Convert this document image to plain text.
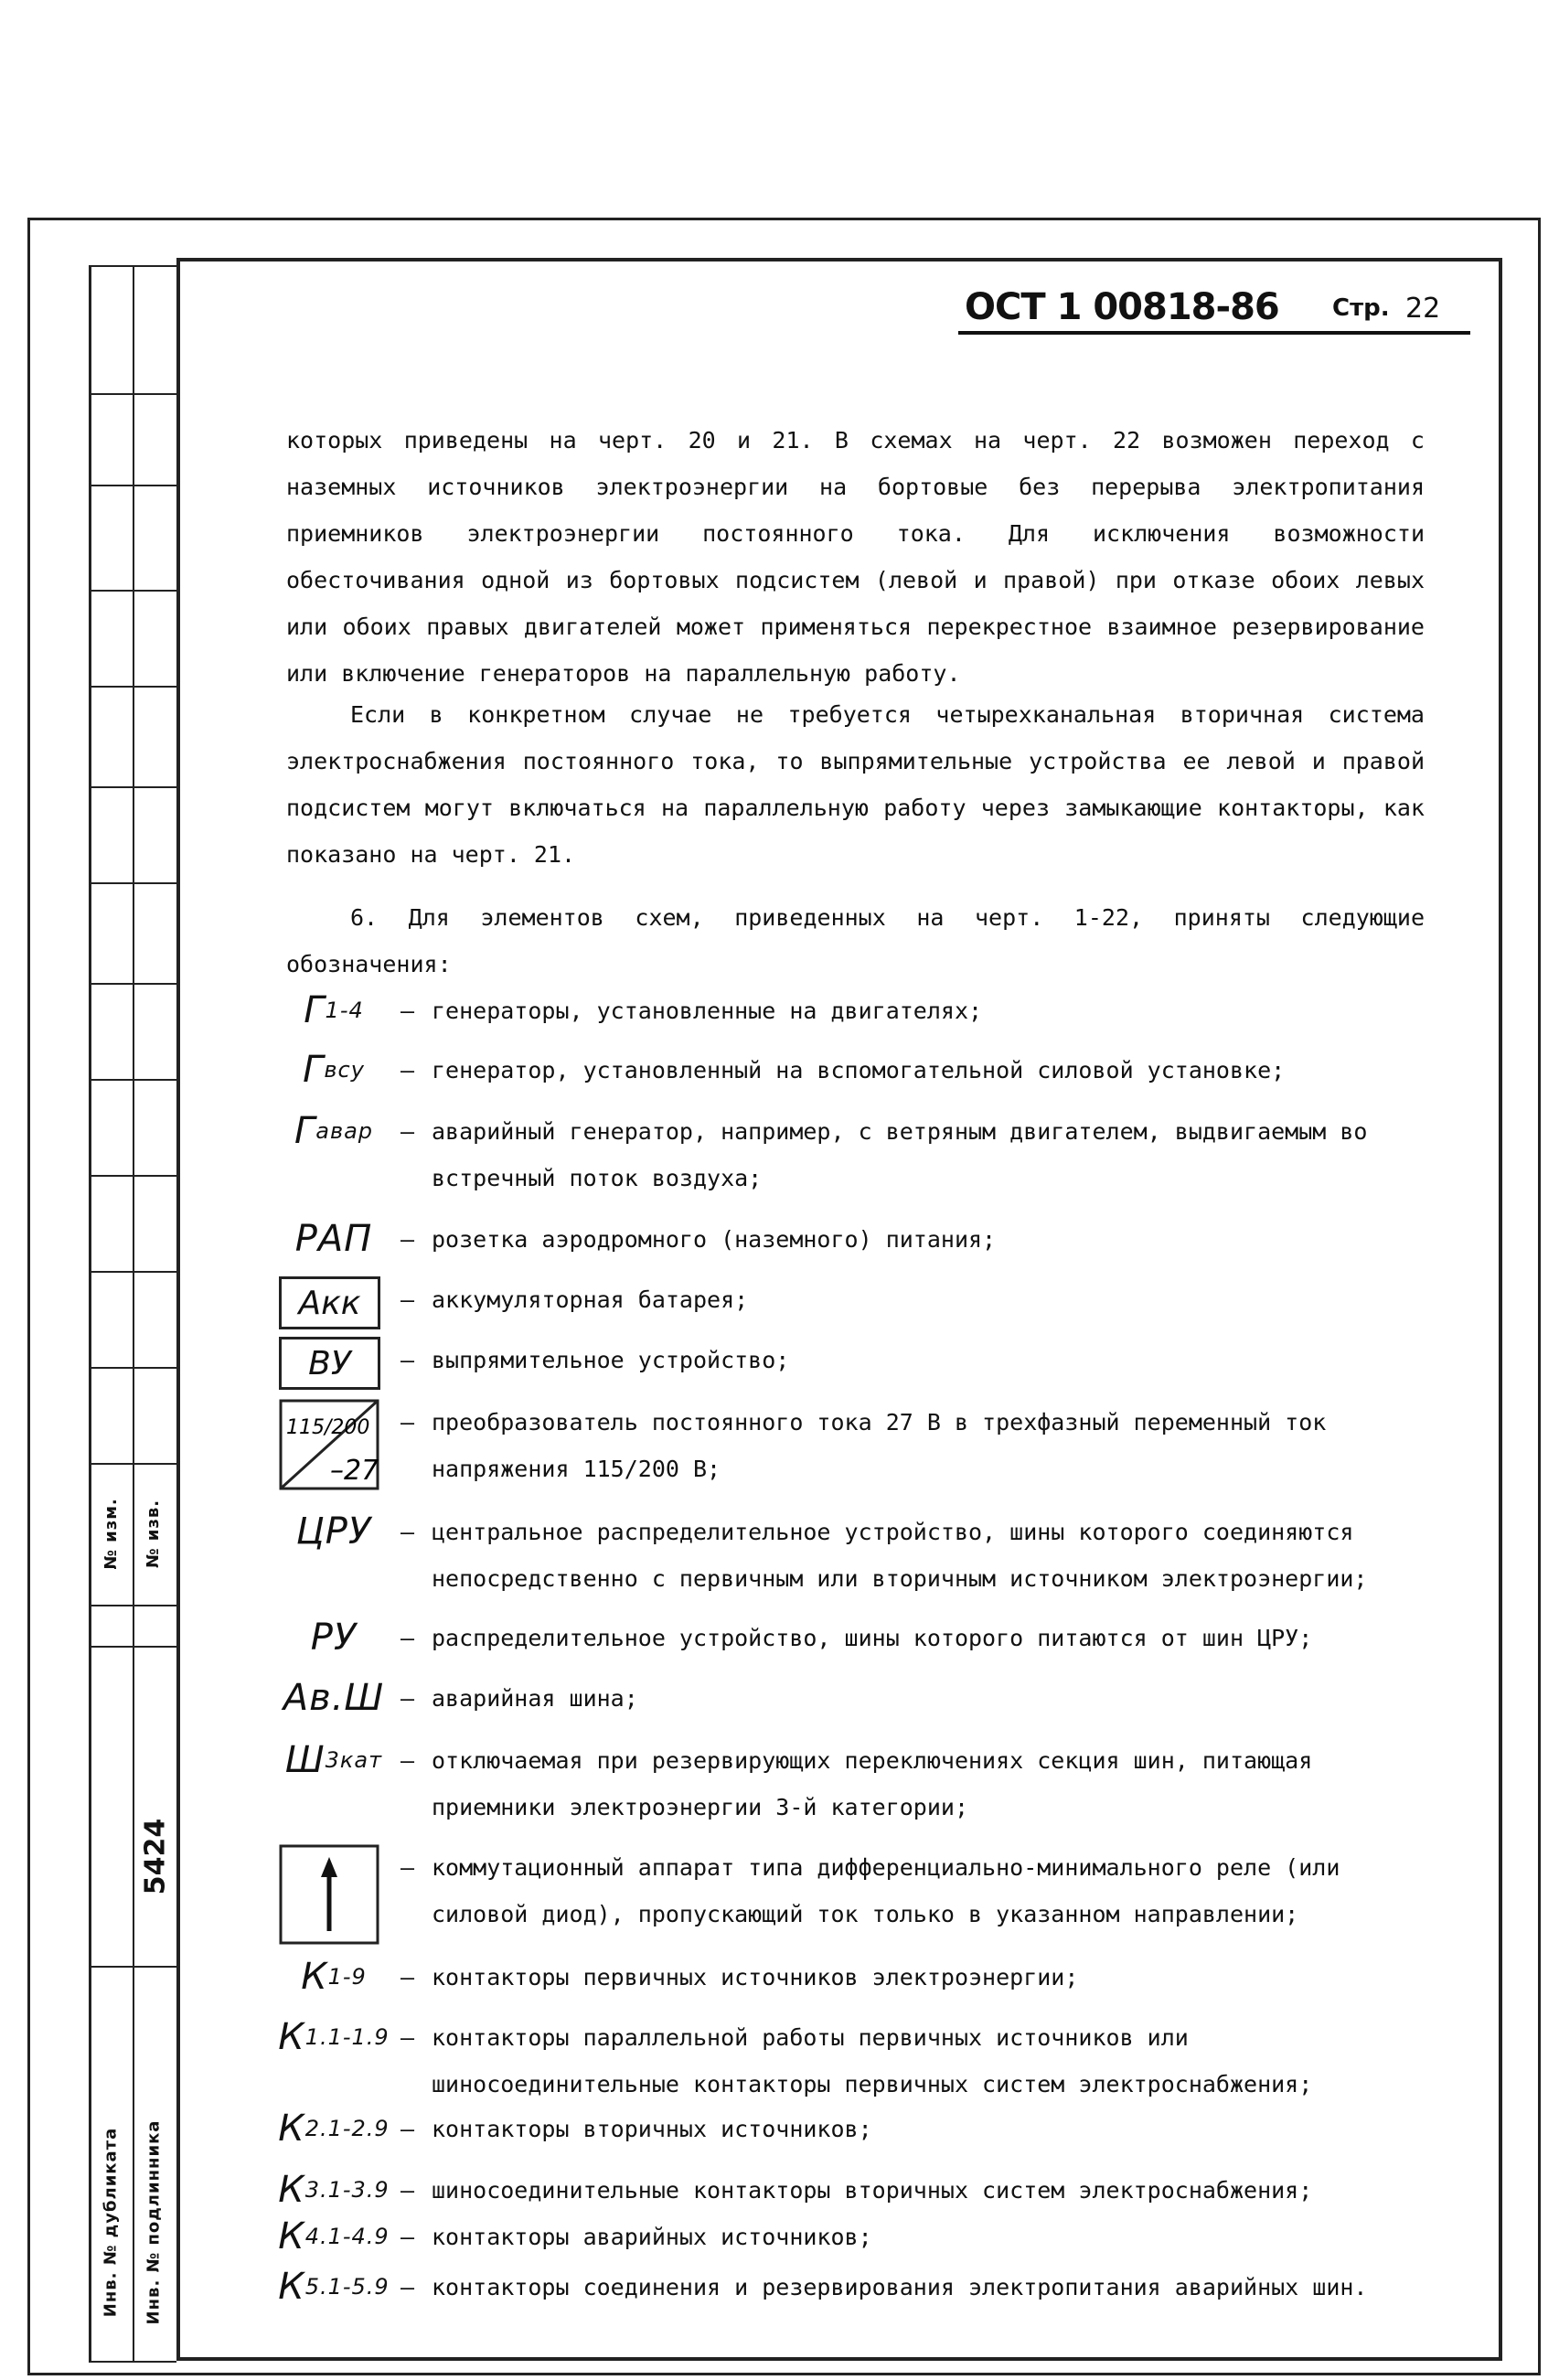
№ изм. № изв.
Инв. № дубликата Инв. № подлинника
5424
ОСТ 1 00818-86 Стр. 22
которых приведены на черт. 20 и 21. В схемах на черт. 22 возможен переход с наземных источников электроэнергии на бортовые без перерыва электропитания приемников электроэнергии постоянного тока. Для исключения возможности обесточивания одной из бортовых подсистем (левой и правой) при отказе обоих левых или обоих правых двигателей может применяться перекрестное взаимное резервирование или включение генераторов на параллельную работу.
Если в конкретном случае не требуется четырехканальная вторичная система электроснабжения постоянного тока, то выпрямительные устройства ее левой и правой подсистем могут включаться на параллельную работу через замыкающие контакторы, как показано на черт. 21.
6. Для элементов схем, приведенных на черт. 1-22, приняты следующие обозначения:
Г 1-4 – генераторы, установленные на двигателях;
Г всу – генератор, установленный на вспомогательной силовой установке;
Г авар – аварийный генератор, например, с ветряным двигателем, выдвигаемым во встречный поток воздуха;
РАП	– розетка аэродромного (наземного) питания;
Акк	– аккумуляторная батарея;
ВУ	– выпрямительное устройство;
115/200
–27
– преобразователь постоянного тока 27 В в трехфазный переменный ток напряжения 115/200 В;
ЦРУ	– центральное распределительное устройство, шины которого соединяются непосредственно с первичным или вторичным источником электроэнергии;
РУ	– распределительное устройство, шины которого питаются от шин ЦРУ;
Ав.Ш – аварийная шина;
Ш 3кат – отключаемая при резервирующих переключениях секция шин, питающая приемники электроэнергии 3-й категории;
– коммутационный аппарат типа дифференциально-минимального реле (или силовой диод), пропускающий ток только в указанном направлении;
К 1-9 – контакторы первичных источников электроэнергии;
К 1.1-1.9 – контакторы параллельной работы первичных источников или шиносоединительные контакторы первичных систем электроснабжения;
К 2.1-2.9 – контакторы вторичных источников;
К 3.1-3.9 – шиносоединительные контакторы вторичных систем электроснабжения;
К 4.1-4.9 – контакторы аварийных источников;
К 5.1-5.9 – контакторы соединения и резервирования электропитания аварийных шин.
